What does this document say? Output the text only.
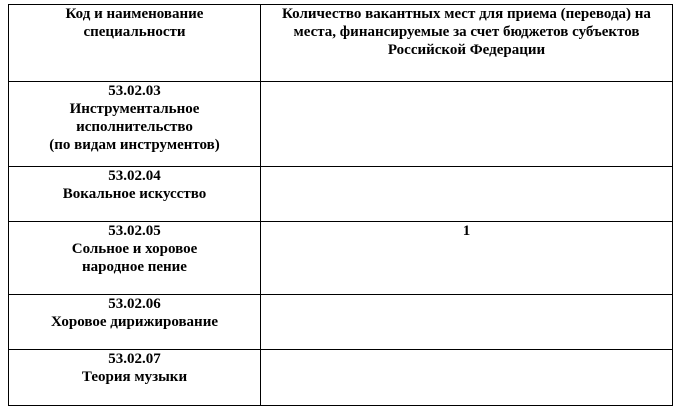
Код и наименование
специальности	Количество вакантных мест для приема (перевода) на
места, финансируемые за счет бюджетов субъектов
Российской Федерации

53.02.03
Инструментальное
исполнительство
(по видам инструментов)	

53.02.04
Вокальное искусство	

53.02.05
Сольное и хоровое
народное пение	1

53.02.06
Хоровое дирижирование	

53.02.07
Теория музыки	
